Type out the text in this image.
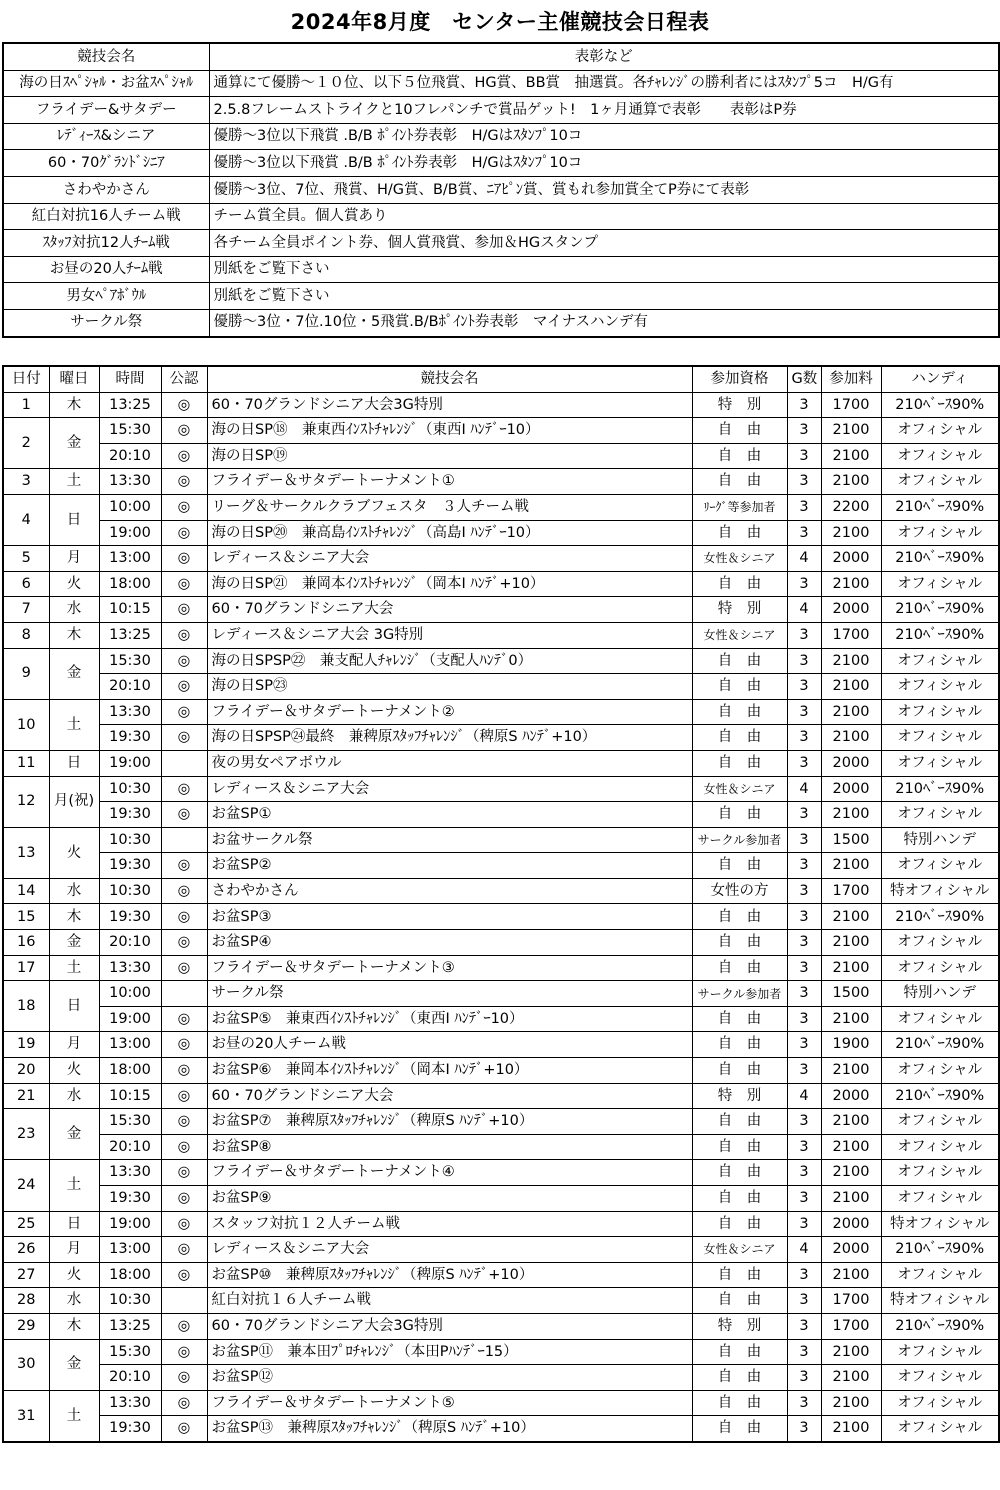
2024年8月度　センター主催競技会日程表
競技会名	表彰など
海の日ｽﾍﾟｼｬﾙ・お盆ｽﾍﾟｼｬﾙ	通算にて優勝～１０位、以下５位飛賞、HG賞、BB賞　抽選賞。各ﾁｬﾚﾝｼﾞの勝利者にはｽﾀﾝﾌﾟ5コ　H/G有
フライデー&サタデー	2.5.8フレームストライクと10フレパンチで賞品ゲット!　1ヶ月通算で表彰　　表彰はP券
ﾚﾃﾞｨｰｽ&シニア	優勝～3位以下飛賞 .B/B ﾎﾟｲﾝﾄ券表彰　H/Gはｽﾀﾝﾌﾟ10コ
60・70ｸﾞﾗﾝﾄﾞｼﾆｱ	優勝～3位以下飛賞 .B/B ﾎﾟｲﾝﾄ券表彰　H/Gはｽﾀﾝﾌﾟ10コ
さわやかさん	優勝～3位、7位、飛賞、H/G賞、B/B賞、ﾆｱﾋﾟﾝ賞、賞もれ参加賞全てP券にて表彰
紅白対抗16人チーム戦	チーム賞全員。個人賞あり
ｽﾀｯﾌ対抗12人ﾁｰﾑ戦	各チーム全員ポイント券、個人賞飛賞、参加＆HGスタンプ
お昼の20人ﾁｰﾑ戦	別紙をご覧下さい
男女ﾍﾟｱﾎﾞｳﾙ	別紙をご覧下さい
サークル祭	優勝～3位・7位.10位・5飛賞.B/Bﾎﾟｲﾝﾄ券表彰　マイナスハンデ有
日付	曜日	時間	公認	競技会名	参加資格	G数	参加料	ハンディ
1	木	13:25	◎	60・70グランドシニア大会3G特別	特　別	3	1700	210ﾍﾞｰｽ90%
2	金	15:30	◎	海の日SP⑱　兼東西ｲﾝｽﾄﾁｬﾚﾝｼﾞ（東西I ﾊﾝﾃﾞｰ10）	自　由	3	2100	オフィシャル
		20:10	◎	海の日SP⑲	自　由	3	2100	オフィシャル
3	土	13:30	◎	フライデー＆サタデートーナメント①	自　由	3	2100	オフィシャル
4	日	10:00	◎	リーグ＆サークルクラブフェスタ　３人チーム戦	ﾘｰｸﾞ等参加者	3	2200	210ﾍﾞｰｽ90%
		19:00	◎	海の日SP⑳　兼高島ｲﾝｽﾄﾁｬﾚﾝｼﾞ（高島I ﾊﾝﾃﾞｰ10）	自　由	3	2100	オフィシャル
5	月	13:00	◎	レディース＆シニア大会	女性＆シニア	4	2000	210ﾍﾞｰｽ90%
6	火	18:00	◎	海の日SP㉑　兼岡本ｲﾝｽﾄﾁｬﾚﾝｼﾞ（岡本I ﾊﾝﾃﾞ+10）	自　由	3	2100	オフィシャル
7	水	10:15	◎	60・70グランドシニア大会	特　別	4	2000	210ﾍﾞｰｽ90%
8	木	13:25	◎	レディース＆シニア大会 3G特別	女性＆シニア	3	1700	210ﾍﾞｰｽ90%
9	金	15:30	◎	海の日SPSP㉒　兼支配人ﾁｬﾚﾝｼﾞ（支配人ﾊﾝﾃﾞ0）	自　由	3	2100	オフィシャル
		20:10	◎	海の日SP㉓	自　由	3	2100	オフィシャル
10	土	13:30	◎	フライデー＆サタデートーナメント②	自　由	3	2100	オフィシャル
		19:30	◎	海の日SPSP㉔最終　兼稗原ｽﾀｯﾌﾁｬﾚﾝｼﾞ（稗原S ﾊﾝﾃﾞ+10）	自　由	3	2100	オフィシャル
11	日	19:00		夜の男女ペアボウル	自　由	3	2000	オフィシャル
12	月(祝)	10:30	◎	レディース＆シニア大会	女性＆シニア	4	2000	210ﾍﾞｰｽ90%
		19:30	◎	お盆SP①	自　由	3	2100	オフィシャル
13	火	10:30		お盆サークル祭	サークル参加者	3	1500	特別ハンデ
		19:30	◎	お盆SP②	自　由	3	2100	オフィシャル
14	水	10:30	◎	さわやかさん	女性の方	3	1700	特オフィシャル
15	木	19:30	◎	お盆SP③	自　由	3	2100	210ﾍﾞｰｽ90%
16	金	20:10	◎	お盆SP④	自　由	3	2100	オフィシャル
17	土	13:30	◎	フライデー＆サタデートーナメント③	自　由	3	2100	オフィシャル
18	日	10:00		サークル祭	サークル参加者	3	1500	特別ハンデ
		19:00	◎	お盆SP⑤　兼東西ｲﾝｽﾄﾁｬﾚﾝｼﾞ（東西I ﾊﾝﾃﾞｰ10）	自　由	3	2100	オフィシャル
19	月	13:00	◎	お昼の20人チーム戦	自　由	3	1900	210ﾍﾞｰｽ90%
20	火	18:00	◎	お盆SP⑥　兼岡本ｲﾝｽﾄﾁｬﾚﾝｼﾞ（岡本I ﾊﾝﾃﾞ+10）	自　由	3	2100	オフィシャル
21	水	10:15	◎	60・70グランドシニア大会	特　別	4	2000	210ﾍﾞｰｽ90%
23	金	15:30	◎	お盆SP⑦　兼稗原ｽﾀｯﾌﾁｬﾚﾝｼﾞ（稗原S ﾊﾝﾃﾞ+10）	自　由	3	2100	オフィシャル
		20:10	◎	お盆SP⑧	自　由	3	2100	オフィシャル
24	土	13:30	◎	フライデー＆サタデートーナメント④	自　由	3	2100	オフィシャル
		19:30	◎	お盆SP⑨	自　由	3	2100	オフィシャル
25	日	19:00	◎	スタッフ対抗１２人チーム戦	自　由	3	2000	特オフィシャル
26	月	13:00	◎	レディース＆シニア大会	女性＆シニア	4	2000	210ﾍﾞｰｽ90%
27	火	18:00	◎	お盆SP⑩　兼稗原ｽﾀｯﾌﾁｬﾚﾝｼﾞ（稗原S ﾊﾝﾃﾞ+10）	自　由	3	2100	オフィシャル
28	水	10:30		紅白対抗１６人チーム戦	自　由	3	1700	特オフィシャル
29	木	13:25	◎	60・70グランドシニア大会3G特別	特　別	3	1700	210ﾍﾞｰｽ90%
30	金	15:30	◎	お盆SP⑪　兼本田ﾌﾟﾛﾁｬﾚﾝｼﾞ（本田Pﾊﾝﾃﾞｰ15）	自　由	3	2100	オフィシャル
		20:10	◎	お盆SP⑫	自　由	3	2100	オフィシャル
31	土	13:30	◎	フライデー＆サタデートーナメント⑤	自　由	3	2100	オフィシャル
		19:30	◎	お盆SP⑬　兼稗原ｽﾀｯﾌﾁｬﾚﾝｼﾞ（稗原S ﾊﾝﾃﾞ+10）	自　由	3	2100	オフィシャル
